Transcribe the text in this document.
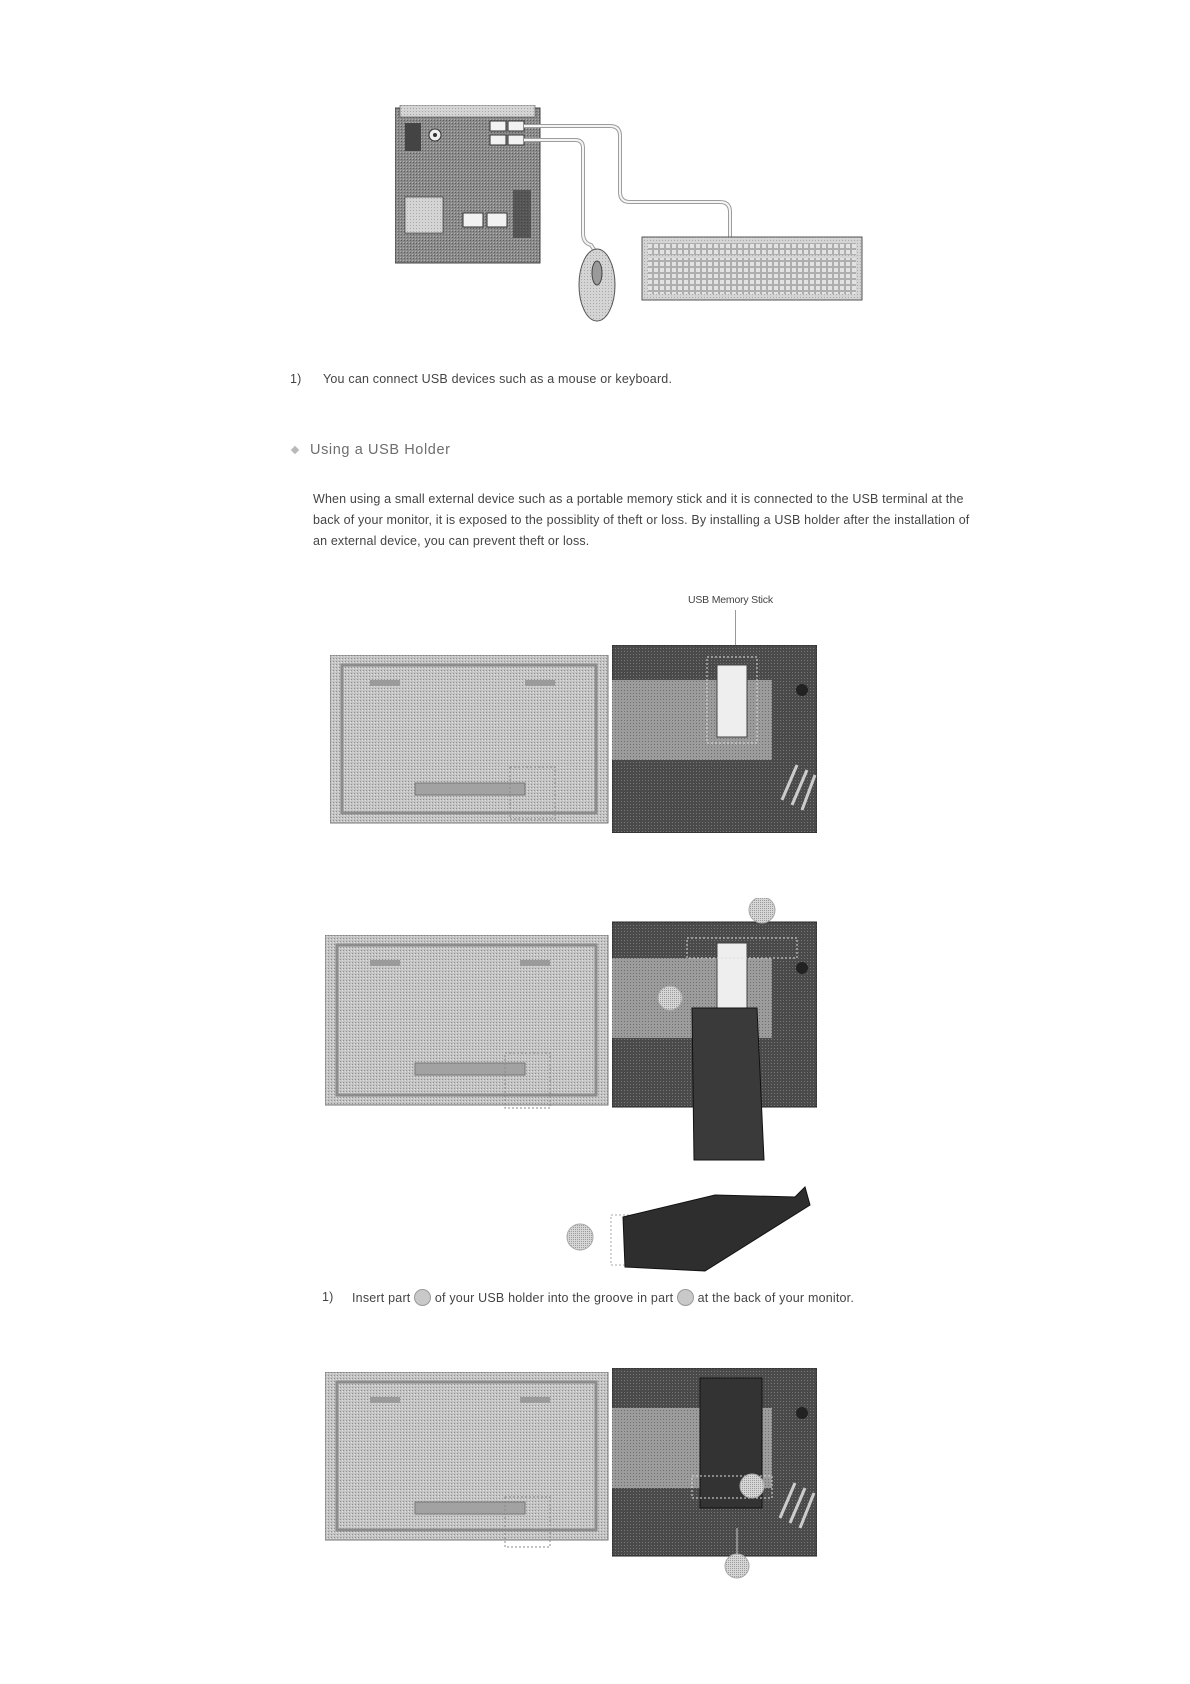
1) You can connect USB devices such as a mouse or keyboard.
Using a USB Holder
When using a small external device such as a portable memory stick and it is connected to the USB terminal at the back of your monitor, it is exposed to the possiblity of theft or loss. By installing a USB holder after the installation of an external device, you can prevent theft or loss.
USB Memory Stick
1) Insert part of your USB holder into the groove in part at the back of your monitor.
